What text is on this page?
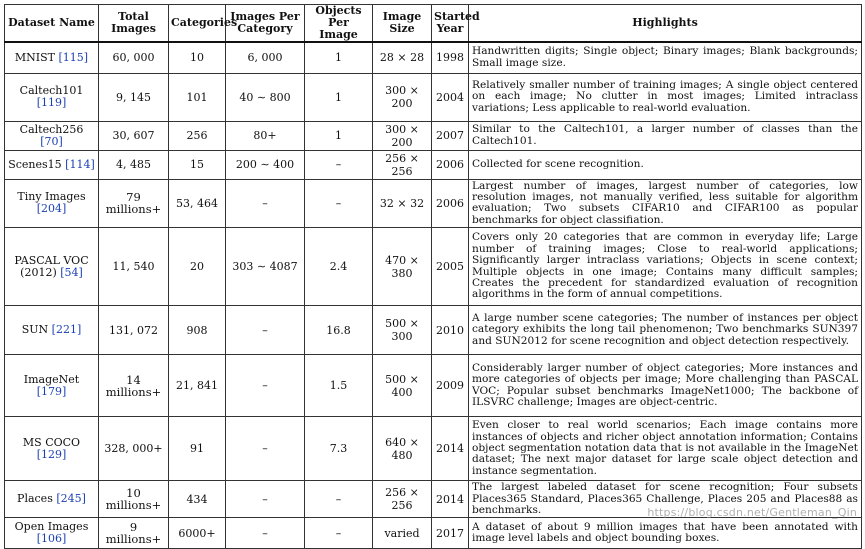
Dataset Name	Total Images	Categories	Images Per Category	Objects Per Image	Image Size	Started Year	Highlights
MNIST [115]	60, 000	10	6, 000	1	28 × 28	1998	Handwritten digits; Single object; Binary images; Blank backgrounds; Small image size.
Caltech101 [119]	9, 145	101	40 ∼ 800	1	300 × 200	2004	Relatively smaller number of training images; A single object centered on each image; No clutter in most images; Limited intraclass variations; Less applicable to real-world evaluation.
Caltech256 [70]	30, 607	256	80+	1	300 × 200	2007	Similar to the Caltech101, a larger number of classes than the Caltech101.
Scenes15 [114]	4, 485	15	200 ∼ 400	–	256 × 256	2006	Collected for scene recognition.
Tiny Images [204]	79 millions+	53, 464	–	–	32 × 32	2006	Largest number of images, largest number of categories, low resolution images, not manually verified, less suitable for algorithm evaluation; Two subsets CIFAR10 and CIFAR100 as popular benchmarks for object classifiation.
PASCAL VOC (2012) [54]	11, 540	20	303 ∼ 4087	2.4	470 × 380	2005	Covers only 20 categories that are common in everyday life; Large number of training images; Close to real-world applications; Significantly larger intraclass variations; Objects in scene context; Multiple objects in one image; Contains many difficult samples; Creates the precedent for standardized evaluation of recognition algorithms in the form of annual competitions.
SUN [221]	131, 072	908	–	16.8	500 × 300	2010	A large number scene categories; The number of instances per object category exhibits the long tail phenomenon; Two benchmarks SUN397 and SUN2012 for scene recognition and object detection respectively.
ImageNet [179]	14 millions+	21, 841	–	1.5	500 × 400	2009	Considerably larger number of object categories; More instances and more categories of objects per image; More challenging than PASCAL VOC; Popular subset benchmarks ImageNet1000; The backbone of ILSVRC challenge; Images are object-centric.
MS COCO [129]	328, 000+	91	–	7.3	640 × 480	2014	Even closer to real world scenarios; Each image contains more instances of objects and richer object annotation information; Contains object segmentation notation data that is not available in the ImageNet dataset; The next major dataset for large scale object detection and instance segmentation.
Places [245]	10 millions+	434	–	–	256 × 256	2014	The largest labeled dataset for scene recognition; Four subsets Places365 Standard, Places365 Challenge, Places 205 and Places88 as benchmarks.
Open Images [106]	9 millions+	6000+	–	–	varied	2017	A dataset of about 9 million images that have been annotated with image level labels and object bounding boxes.
https://blog.csdn.net/Gentleman_Qin
